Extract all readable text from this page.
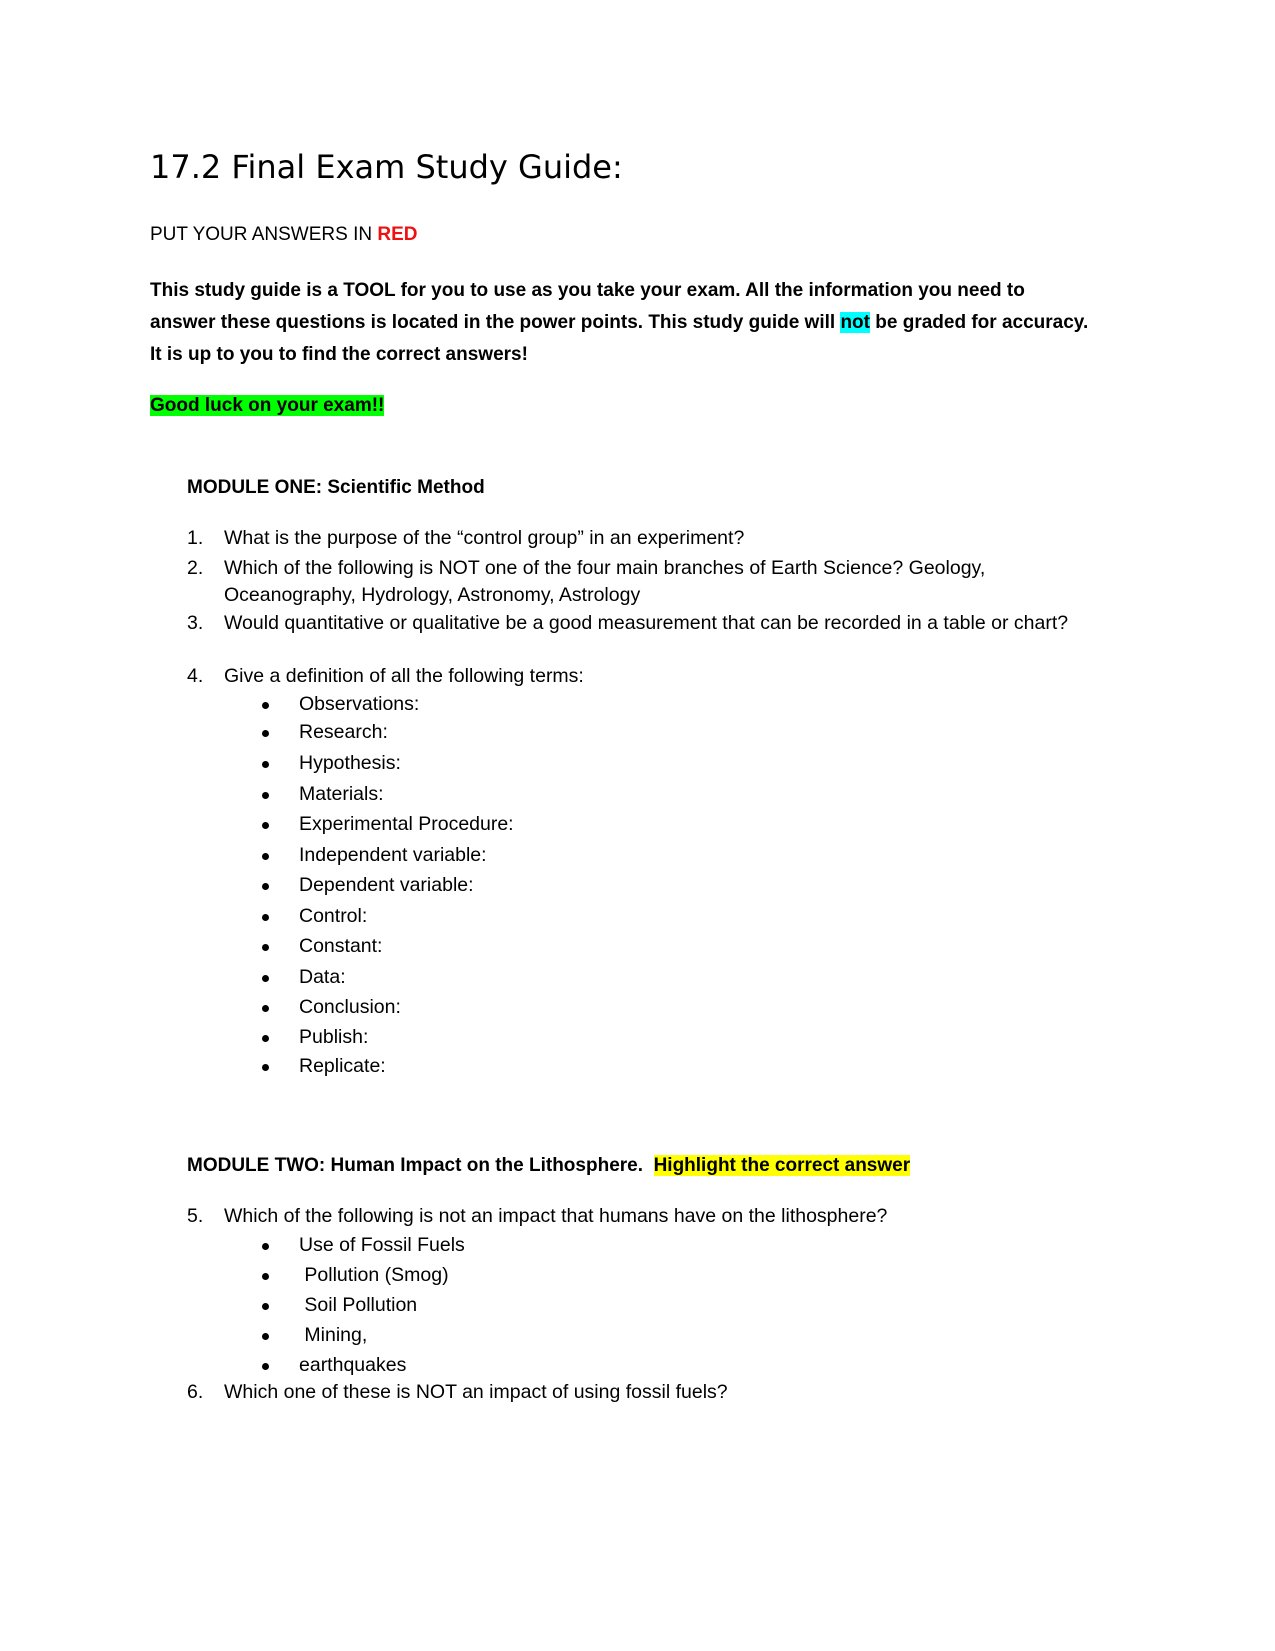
17.2 Final Exam Study Guide:
PUT YOUR ANSWERS IN RED
This study guide is a TOOL for you to use as you take your exam. All the information you need to answer these questions is located in the power points. This study guide will not be graded for accuracy. It is up to you to find the correct answers!
Good luck on your exam!!
MODULE ONE: Scientific Method
1. What is the purpose of the “control group” in an experiment?
2. Which of the following is NOT one of the four main branches of Earth Science? Geology, Oceanography, Hydrology, Astronomy, Astrology
3. Would quantitative or qualitative be a good measurement that can be recorded in a table or chart?
4. Give a definition of all the following terms:
Observations:
Research:
Hypothesis:
Materials:
Experimental Procedure:
Independent variable:
Dependent variable:
Control:
Constant:
Data:
Conclusion:
Publish:
Replicate:
MODULE TWO: Human Impact on the Lithosphere. Highlight the correct answer
5. Which of the following is not an impact that humans have on the lithosphere?
Use of Fossil Fuels
Pollution (Smog)
Soil Pollution
Mining,
earthquakes
6. Which one of these is NOT an impact of using fossil fuels?
